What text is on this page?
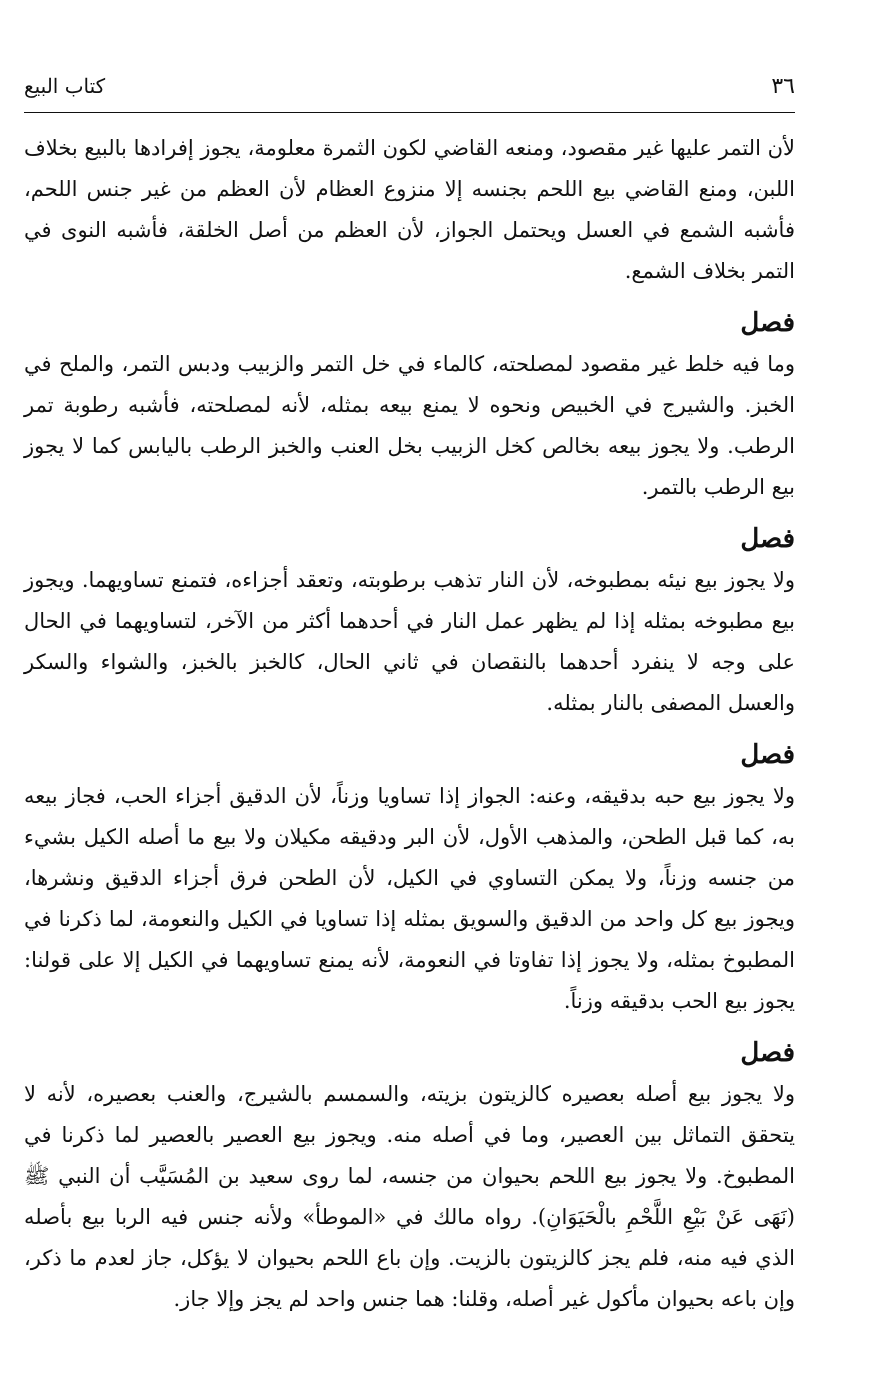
٣٦
كتاب البيع

لأن التمر عليها غير مقصود، ومنعه القاضي لكون الثمرة معلومة، يجوز إفرادها بالبيع بخلاف اللبن، ومنع القاضي بيع اللحم بجنسه إلا منزوع العظام لأن العظم من غير جنس اللحم، فأشبه الشمع في العسل ويحتمل الجواز، لأن العظم من أصل الخلقة، فأشبه النوى في التمر بخلاف الشمع.

فصل

وما فيه خلط غير مقصود لمصلحته، كالماء في خل التمر والزبيب ودبس التمر، والملح في الخبز. والشيرج في الخبيص ونحوه لا يمنع بيعه بمثله، لأنه لمصلحته، فأشبه رطوبة تمر الرطب. ولا يجوز بيعه بخالص كخل الزبيب بخل العنب والخبز الرطب باليابس كما لا يجوز بيع الرطب بالتمر.

فصل

ولا يجوز بيع نيئه بمطبوخه، لأن النار تذهب برطوبته، وتعقد أجزاءه، فتمنع تساويهما. ويجوز بيع مطبوخه بمثله إذا لم يظهر عمل النار في أحدهما أكثر من الآخر، لتساويهما في الحال على وجه لا ينفرد أحدهما بالنقصان في ثاني الحال، كالخبز بالخبز، والشواء والسكر والعسل المصفى بالنار بمثله.

فصل

ولا يجوز بيع حبه بدقيقه، وعنه: الجواز إذا تساويا وزناً، لأن الدقيق أجزاء الحب، فجاز بيعه به، كما قبل الطحن، والمذهب الأول، لأن البر ودقيقه مكيلان ولا بيع ما أصله الكيل بشيء من جنسه وزناً، ولا يمكن التساوي في الكيل، لأن الطحن فرق أجزاء الدقيق ونشرها، ويجوز بيع كل واحد من الدقيق والسويق بمثله إذا تساويا في الكيل والنعومة، لما ذكرنا في المطبوخ بمثله، ولا يجوز إذا تفاوتا في النعومة، لأنه يمنع تساويهما في الكيل إلا على قولنا: يجوز بيع الحب بدقيقه وزناً.

فصل

ولا يجوز بيع أصله بعصيره كالزيتون بزيته، والسمسم بالشيرج، والعنب بعصيره، لأنه لا يتحقق التماثل بين العصير، وما في أصله منه. ويجوز بيع العصير بالعصير لما ذكرنا في المطبوخ. ولا يجوز بيع اللحم بحيوان من جنسه، لما روى سعيد بن المُسَيَّب أن النبي ﷺ (نَهَى عَنْ بَيْعِ اللَّحْمِ بالْحَيَوَانِ). رواه مالك في «الموطأ» ولأنه جنس فيه الربا بيع بأصله الذي فيه منه، فلم يجز كالزيتون بالزيت. وإن باع اللحم بحيوان لا يؤكل، جاز لعدم ما ذكر، وإن باعه بحيوان مأكول غير أصله، وقلنا: هما جنس واحد لم يجز وإلا جاز.
